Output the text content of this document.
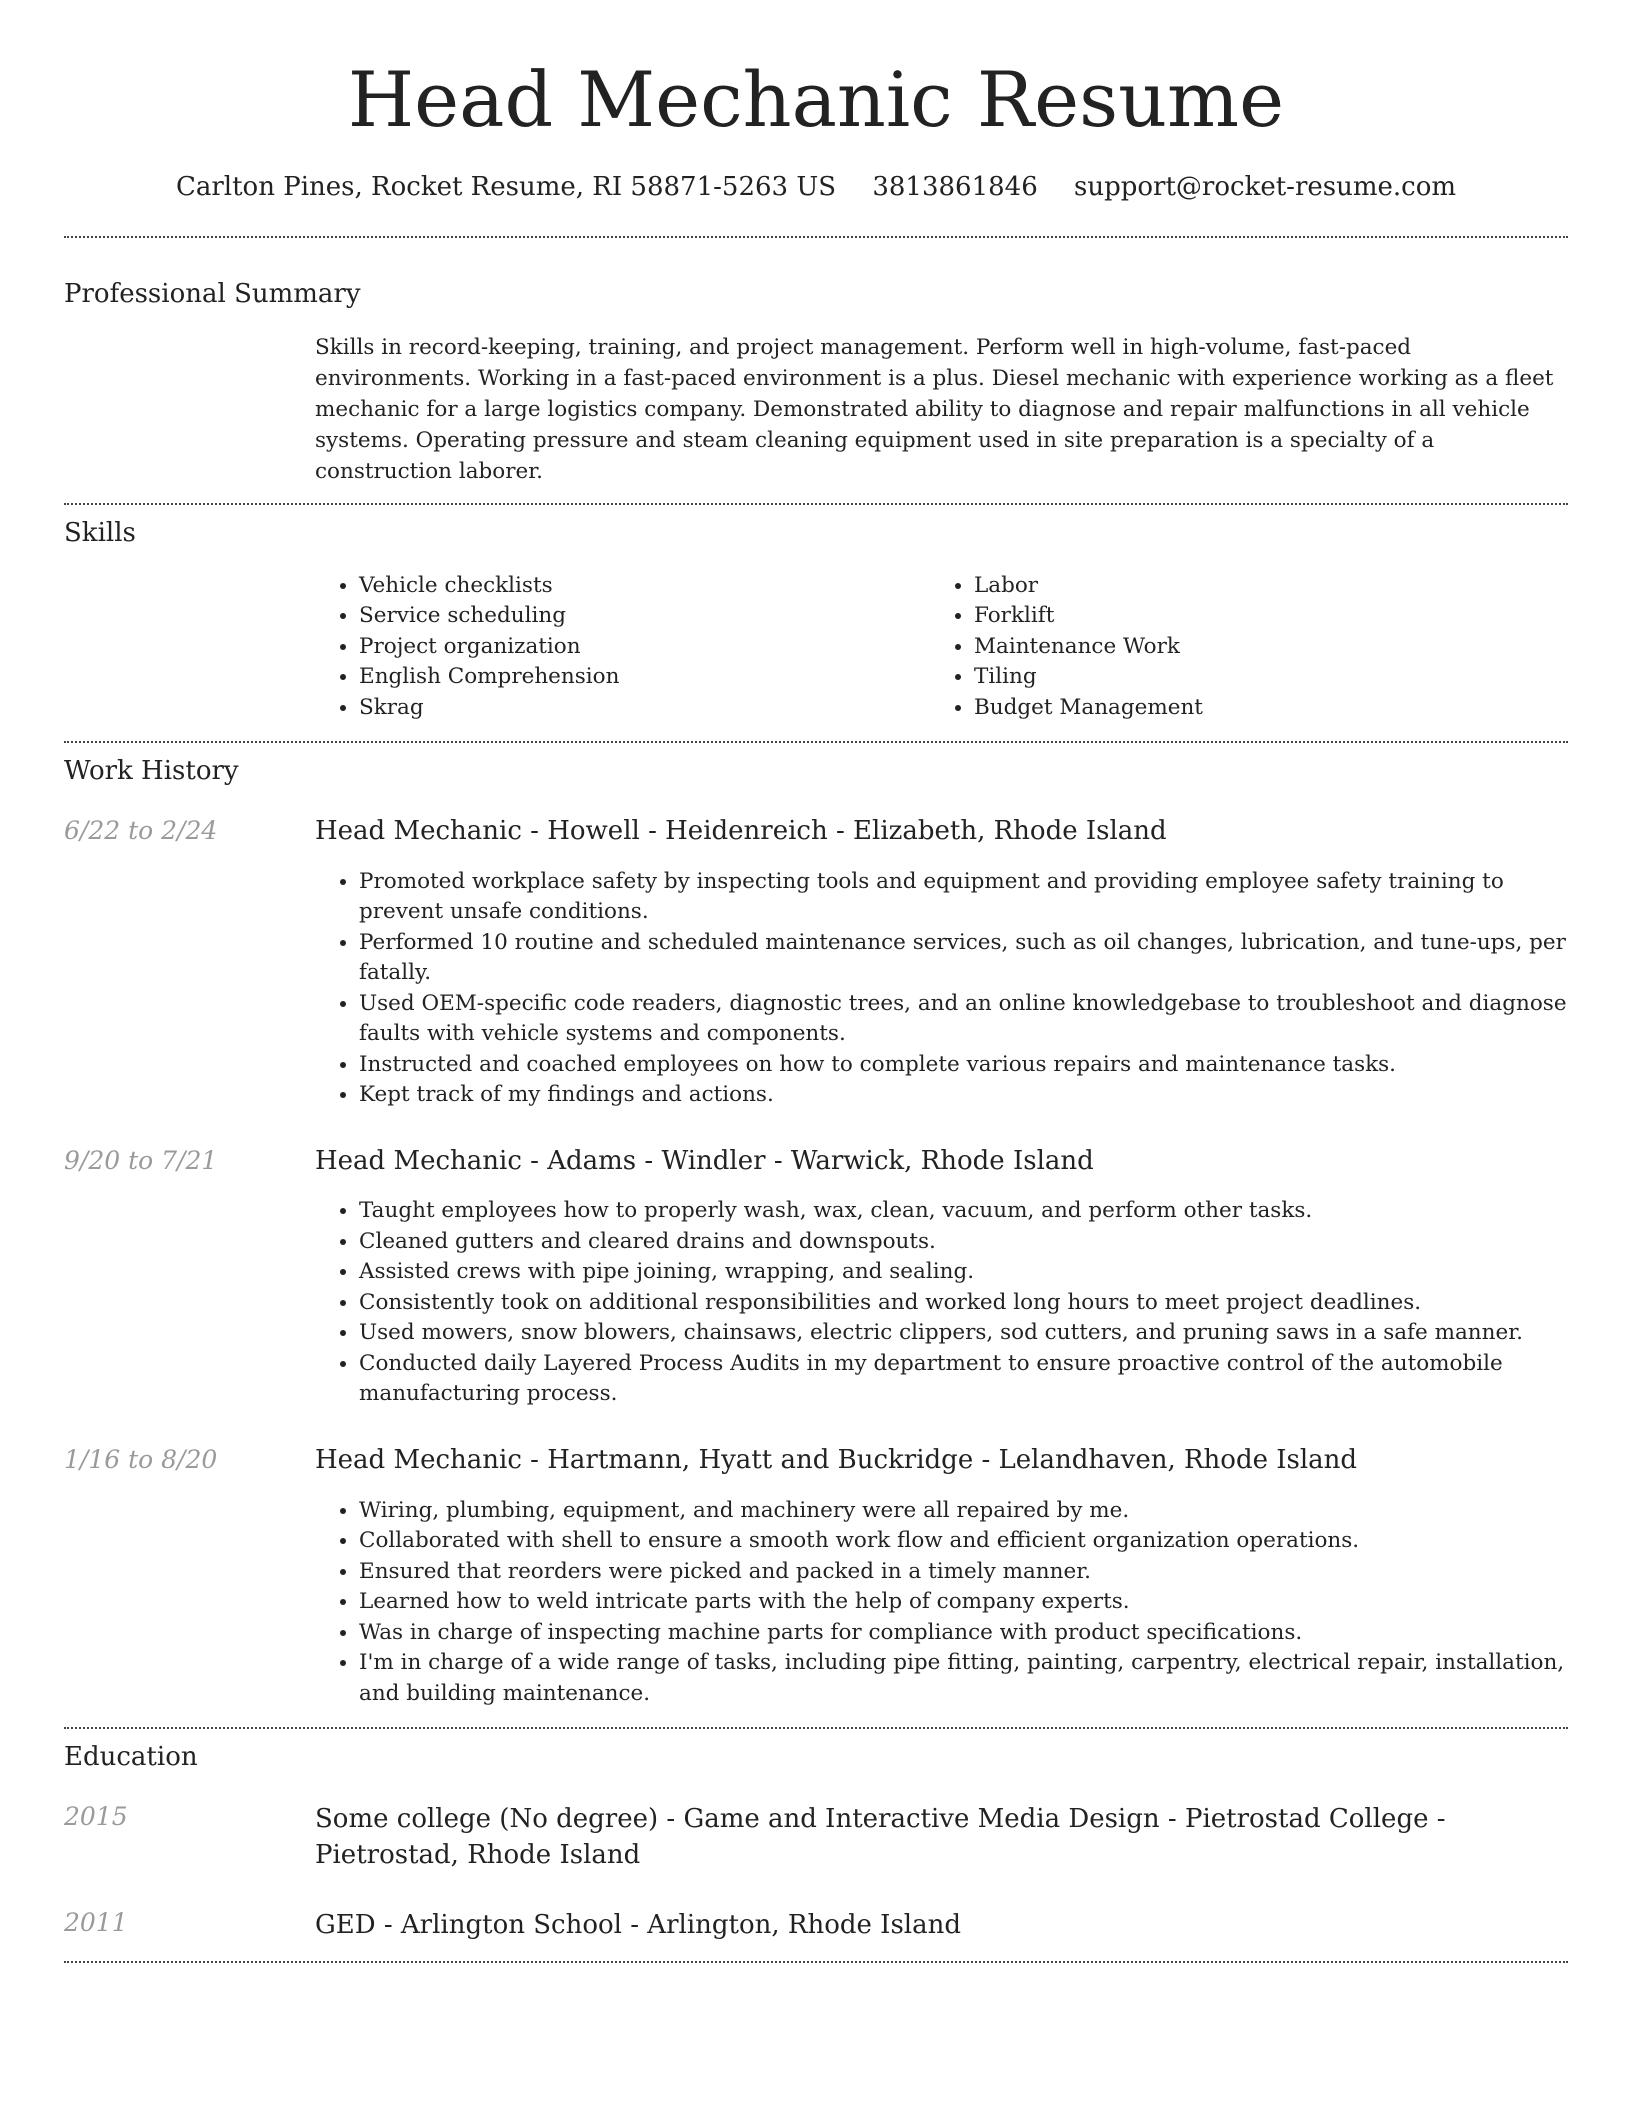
Head Mechanic Resume
Carlton Pines, Rocket Resume, RI 58871-5263 US 3813861846 support@rocket-resume.com
Professional Summary

Skills in record-keeping, training, and project management. Perform well in high-volume, fast-paced environments. Working in a fast-paced environment is a plus. Diesel mechanic with experience working as a fleet mechanic for a large logistics company. Demonstrated ability to diagnose and repair malfunctions in all vehicle systems. Operating pressure and steam cleaning equipment used in site preparation is a specialty of a construction laborer.

Skills
• Vehicle checklists
• Service scheduling
• Project organization
• English Comprehension
• Skrag
• Labor
• Forklift
• Maintenance Work
• Tiling
• Budget Management
Work History
6/22 to 2/24	Head Mechanic - Howell - Heidenreich - Elizabeth, Rhode Island
• Promoted workplace safety by inspecting tools and equipment and providing employee safety training to prevent unsafe conditions.
• Performed 10 routine and scheduled maintenance services, such as oil changes, lubrication, and tune-ups, per fatally.
• Used OEM-specific code readers, diagnostic trees, and an online knowledgebase to troubleshoot and diagnose faults with vehicle systems and components.
• Instructed and coached employees on how to complete various repairs and maintenance tasks.
• Kept track of my findings and actions.
9/20 to 7/21	Head Mechanic - Adams - Windler - Warwick, Rhode Island
• Taught employees how to properly wash, wax, clean, vacuum, and perform other tasks.
• Cleaned gutters and cleared drains and downspouts.
• Assisted crews with pipe joining, wrapping, and sealing.
• Consistently took on additional responsibilities and worked long hours to meet project deadlines.
• Used mowers, snow blowers, chainsaws, electric clippers, sod cutters, and pruning saws in a safe manner.
• Conducted daily Layered Process Audits in my department to ensure proactive control of the automobile manufacturing process.
1/16 to 8/20	Head Mechanic - Hartmann, Hyatt and Buckridge - Lelandhaven, Rhode Island
• Wiring, plumbing, equipment, and machinery were all repaired by me.
• Collaborated with shell to ensure a smooth work flow and efficient organization operations.
• Ensured that reorders were picked and packed in a timely manner.
• Learned how to weld intricate parts with the help of company experts.
• Was in charge of inspecting machine parts for compliance with product specifications.
• I'm in charge of a wide range of tasks, including pipe fitting, painting, carpentry, electrical repair, installation, and building maintenance.
Education
2015	Some college (No degree) - Game and Interactive Media Design - Pietrostad College - Pietrostad, Rhode Island
2011	GED - Arlington School - Arlington, Rhode Island
